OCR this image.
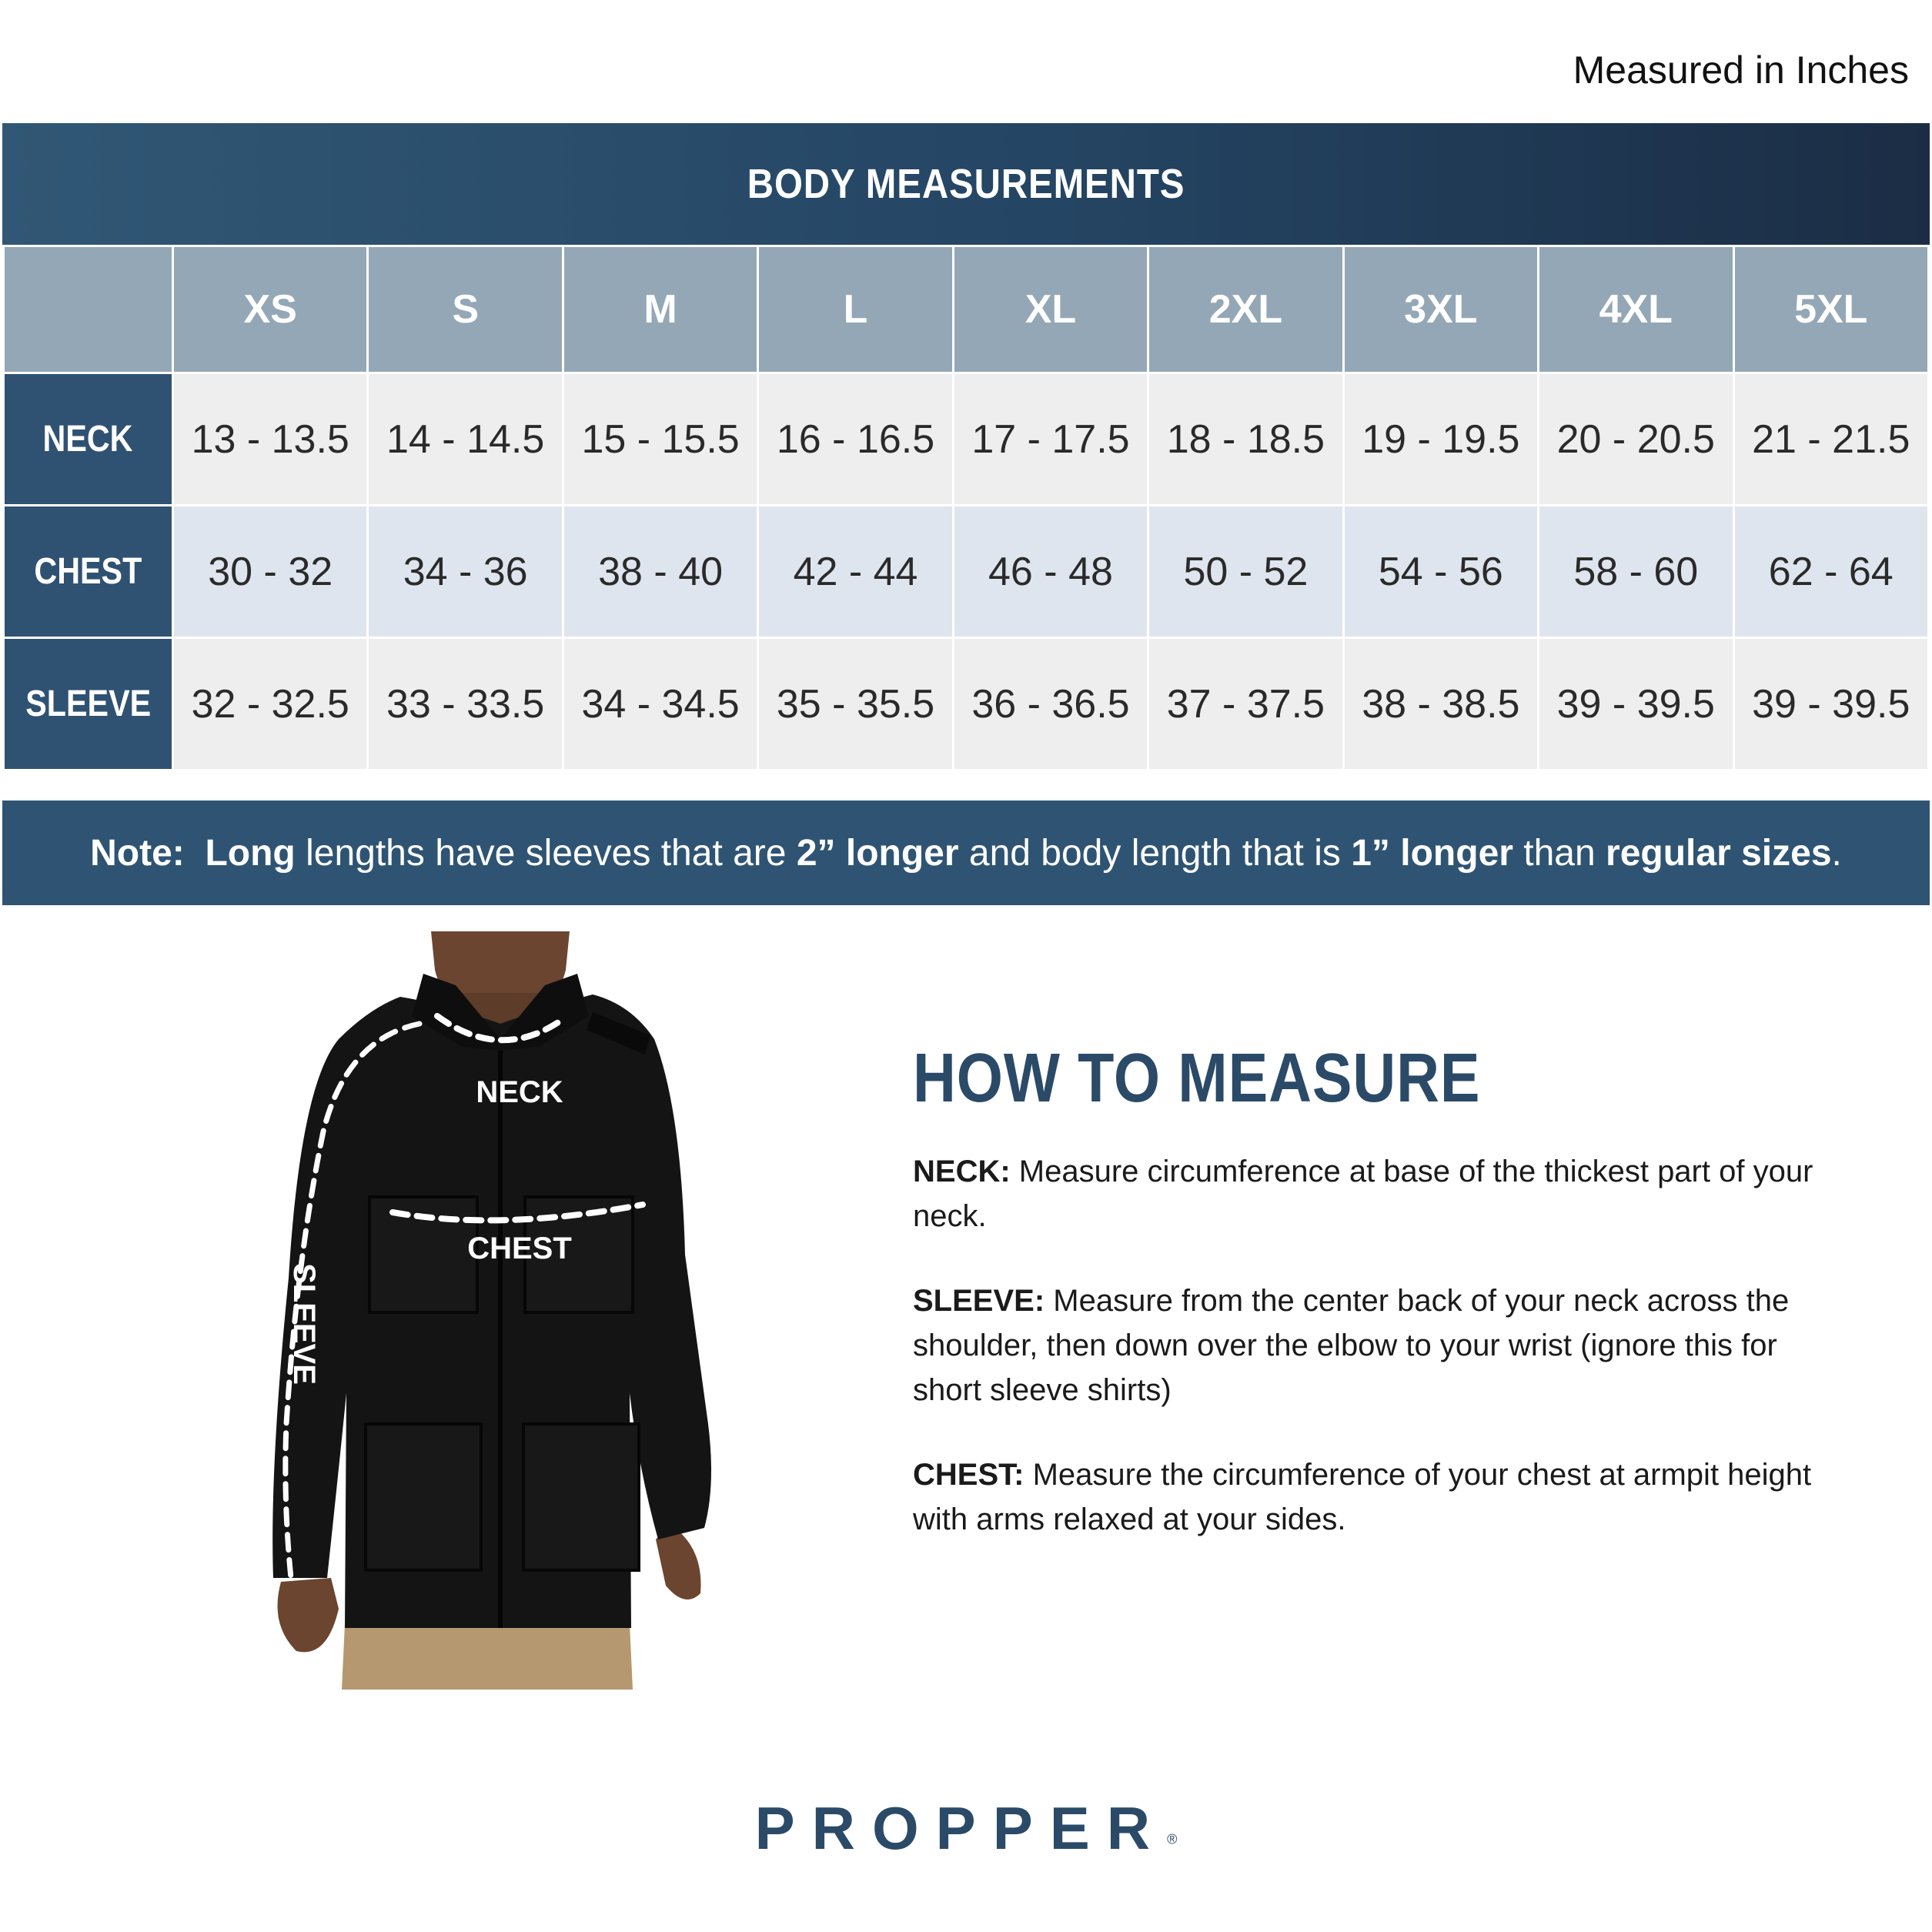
Measured in Inches
BODY MEASUREMENTS
	XS	S	M	L	XL	2XL	3XL	4XL	5XL
NECK	13 - 13.5	14 - 14.5	15 - 15.5	16 - 16.5	17 - 17.5	18 - 18.5	19 - 19.5	20 - 20.5	21 - 21.5
CHEST	30 - 32	34 - 36	38 - 40	42 - 44	46 - 48	50 - 52	54 - 56	58 - 60	62 - 64
SLEEVE	32 - 32.5	33 - 33.5	34 - 34.5	35 - 35.5	36 - 36.5	37 - 37.5	38 - 38.5	39 - 39.5	39 - 39.5
Note: Long lengths have sleeves that are 2” longer and body length that is 1” longer than regular sizes.
NECK
CHEST
SLEEVE
HOW TO MEASURE

NECK: Measure circumference at base of the thickest part of your neck.

SLEEVE: Measure from the center back of your neck across the shoulder, then down over the elbow to your wrist (ignore this for short sleeve shirts)

CHEST: Measure the circumference of your chest at armpit height with arms relaxed at your sides.

PROPPER®
